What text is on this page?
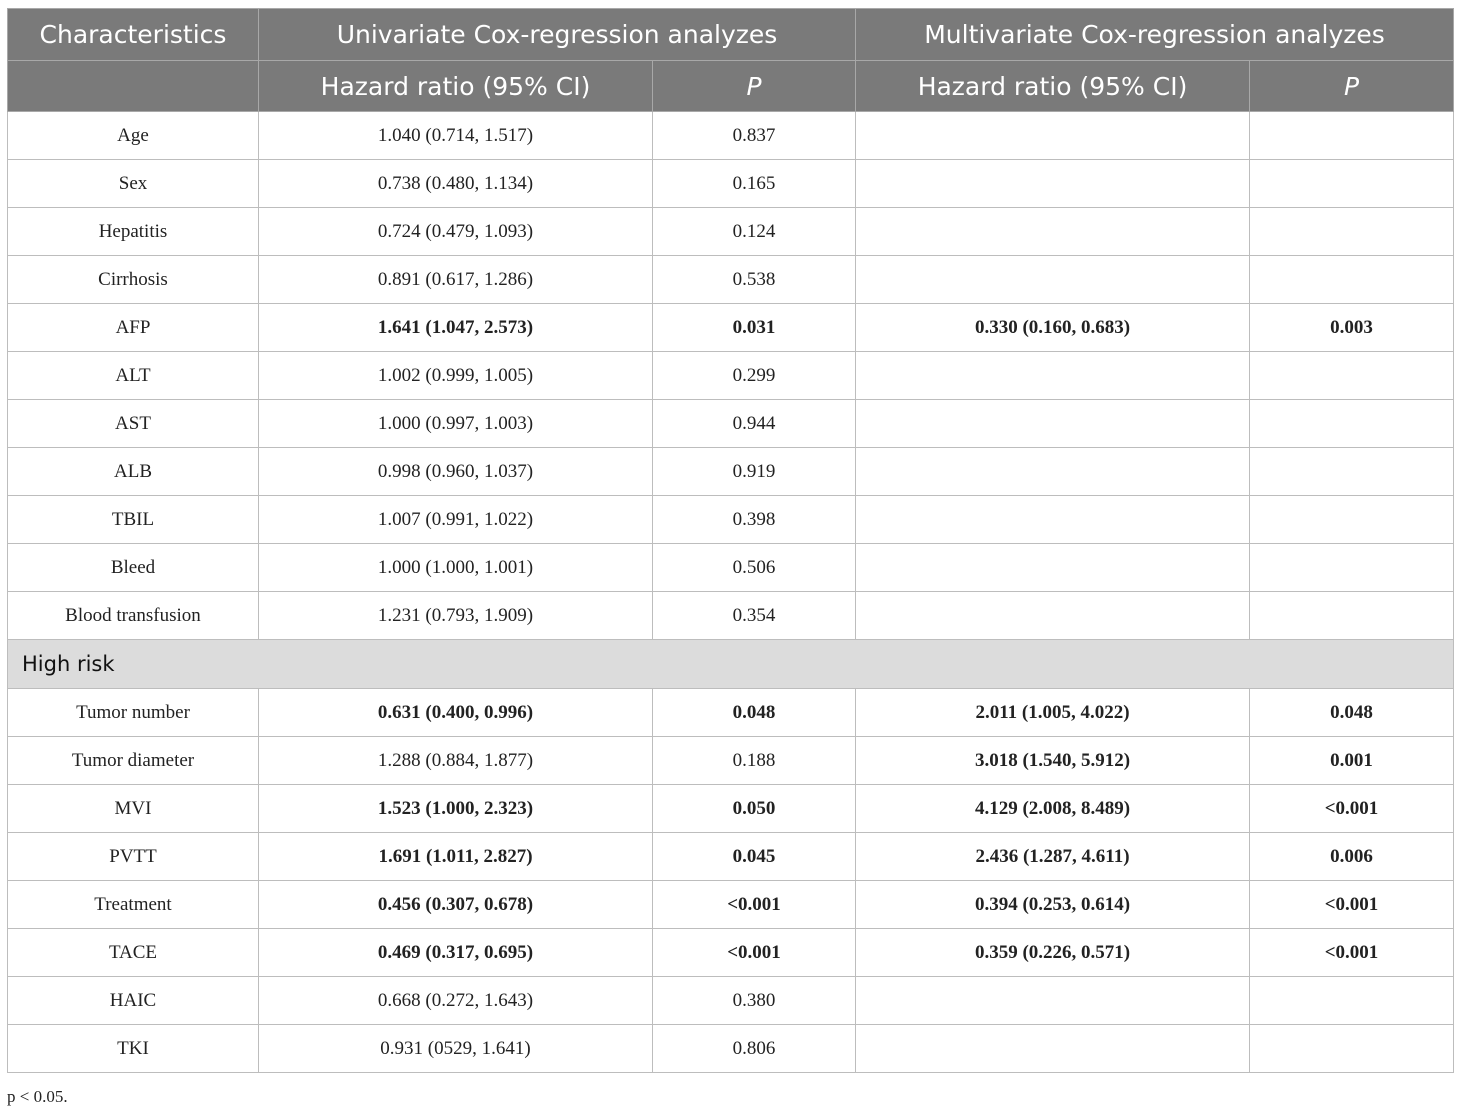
Characteristics	Univariate Cox-regression analyzes		Multivariate Cox-regression analyzes	
	Hazard ratio (95% CI)	P	Hazard ratio (95% CI)	P
Age	1.040 (0.714, 1.517)	0.837		
Sex	0.738 (0.480, 1.134)	0.165		
Hepatitis	0.724 (0.479, 1.093)	0.124		
Cirrhosis	0.891 (0.617, 1.286)	0.538		
AFP	1.641 (1.047, 2.573)	0.031	0.330 (0.160, 0.683)	0.003
ALT	1.002 (0.999, 1.005)	0.299		
AST	1.000 (0.997, 1.003)	0.944		
ALB	0.998 (0.960, 1.037)	0.919		
TBIL	1.007 (0.991, 1.022)	0.398		
Bleed	1.000 (1.000, 1.001)	0.506		
Blood transfusion	1.231 (0.793, 1.909)	0.354		
High risk				
Tumor number	0.631 (0.400, 0.996)	0.048	2.011 (1.005, 4.022)	0.048
Tumor diameter	1.288 (0.884, 1.877)	0.188	3.018 (1.540, 5.912)	0.001
MVI	1.523 (1.000, 2.323)	0.050	4.129 (2.008, 8.489)	<0.001
PVTT	1.691 (1.011, 2.827)	0.045	2.436 (1.287, 4.611)	0.006
Treatment	0.456 (0.307, 0.678)	<0.001	0.394 (0.253, 0.614)	<0.001
TACE	0.469 (0.317, 0.695)	<0.001	0.359 (0.226, 0.571)	<0.001
HAIC	0.668 (0.272, 1.643)	0.380		
TKI	0.931 (0529, 1.641)	0.806		
p < 0.05.
